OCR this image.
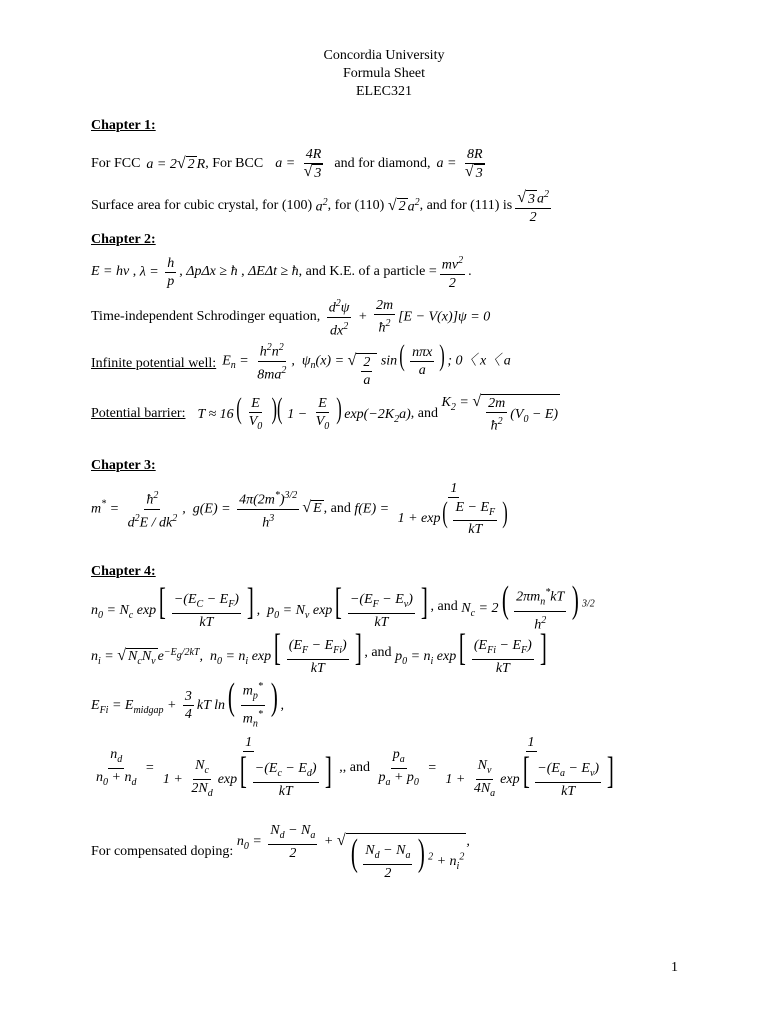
Concordia University
Formula Sheet
ELEC321
Chapter 1:
For FCC a = 2 √ 2 R , For BCC $a = \frac{4R}{√ 3}$ and for diamond, $a = \frac{8R}{√ 3}$
Surface area for cubic crystal, for (100) $a^2$ , for (110)
√ 2 $a^2$ , and for (111) is $\frac{√ 3 a^2}{2}$
Chapter 2:
E = hν , $\lambda = \frac{h}{p}$ , ΔpΔx ≥ ħ , ΔEΔt ≥ ħ , and K.E. of a particle = $\frac{mv^2}{2}$ .
Time-independent Schrodinger equation,
$\frac{d^2\psi}{dx^2} + \frac{2m}{ħ^2} [E - V(x)]\psi = 0$
Infinite potential well: $E_n = \frac{h^2n^2}{8ma^2}$ ,  $\psi_n(x)$ = √ $\frac{2}{a} \sin( \frac{\text{nπx}}{a}$ ) ; 0〈 x〈 a
Potential barrier: $T \approx 16( \frac{E}{V_0}$ )( $1 - \frac{E}{V_0}$ ) $\exp(-2K_2a)$ , and
$K_2$ = √ $\frac{2m}{ħ^2} (V_0 - E)$
Chapter 3:
$m^* = \frac{ħ^2}{d^2E / dk^2}$ ,  $g(E) = \frac{4\pi(2m^*)^{3/2}}{h^3}$ √ E , and $f(E) = \frac{1}{1 + \exp( \frac{E - E_F}{kT} )}$
Chapter 4:
$n_0 = N_c$ $\exp[ \frac{-(E_C - E_F)}{kT}$ ] ,  $p_0 = N_v$ $\exp[ \frac{-(E_F - E_v)}{kT}$ ] , and $N_c = 2( \frac{2\pi m_n^*kT}{h^2}$ ) $^{3/2}$
$n_i$ = √ $N_cN_v$ $e^{-E_g/2kT}$,  $n_0 = n_i$ $\exp[ \frac{(E_F - E_{Fi})}{kT}$ ] , and $p_0 = n_i$ $\exp[ \frac{(E_{Fi} - E_F)}{kT}$ ]
$E_{Fi} = E_{midgap} + \frac{3}{4}$ kT $\ln( \frac{m_p^*}{m_n^*}$ ) ,
$\frac{n_d}{n_0 + n_d} = \frac{1}{1 + \frac{N_c}{2N_d} \exp[ \frac{-(E_c - E_d)}{kT} ]}$ , , and
$\frac{p_a}{p_a + p_0} = \frac{1}{1 + \frac{N_v}{4N_a} \exp[ \frac{-(E_a - E_v)}{kT} ]}$
For compensated doping:
$n_0 = \frac{N_d - N_a}{2}$ + √ ( $\frac{N_d - N_a}{2}$ ) $^2 + n_i^2$
,
1
